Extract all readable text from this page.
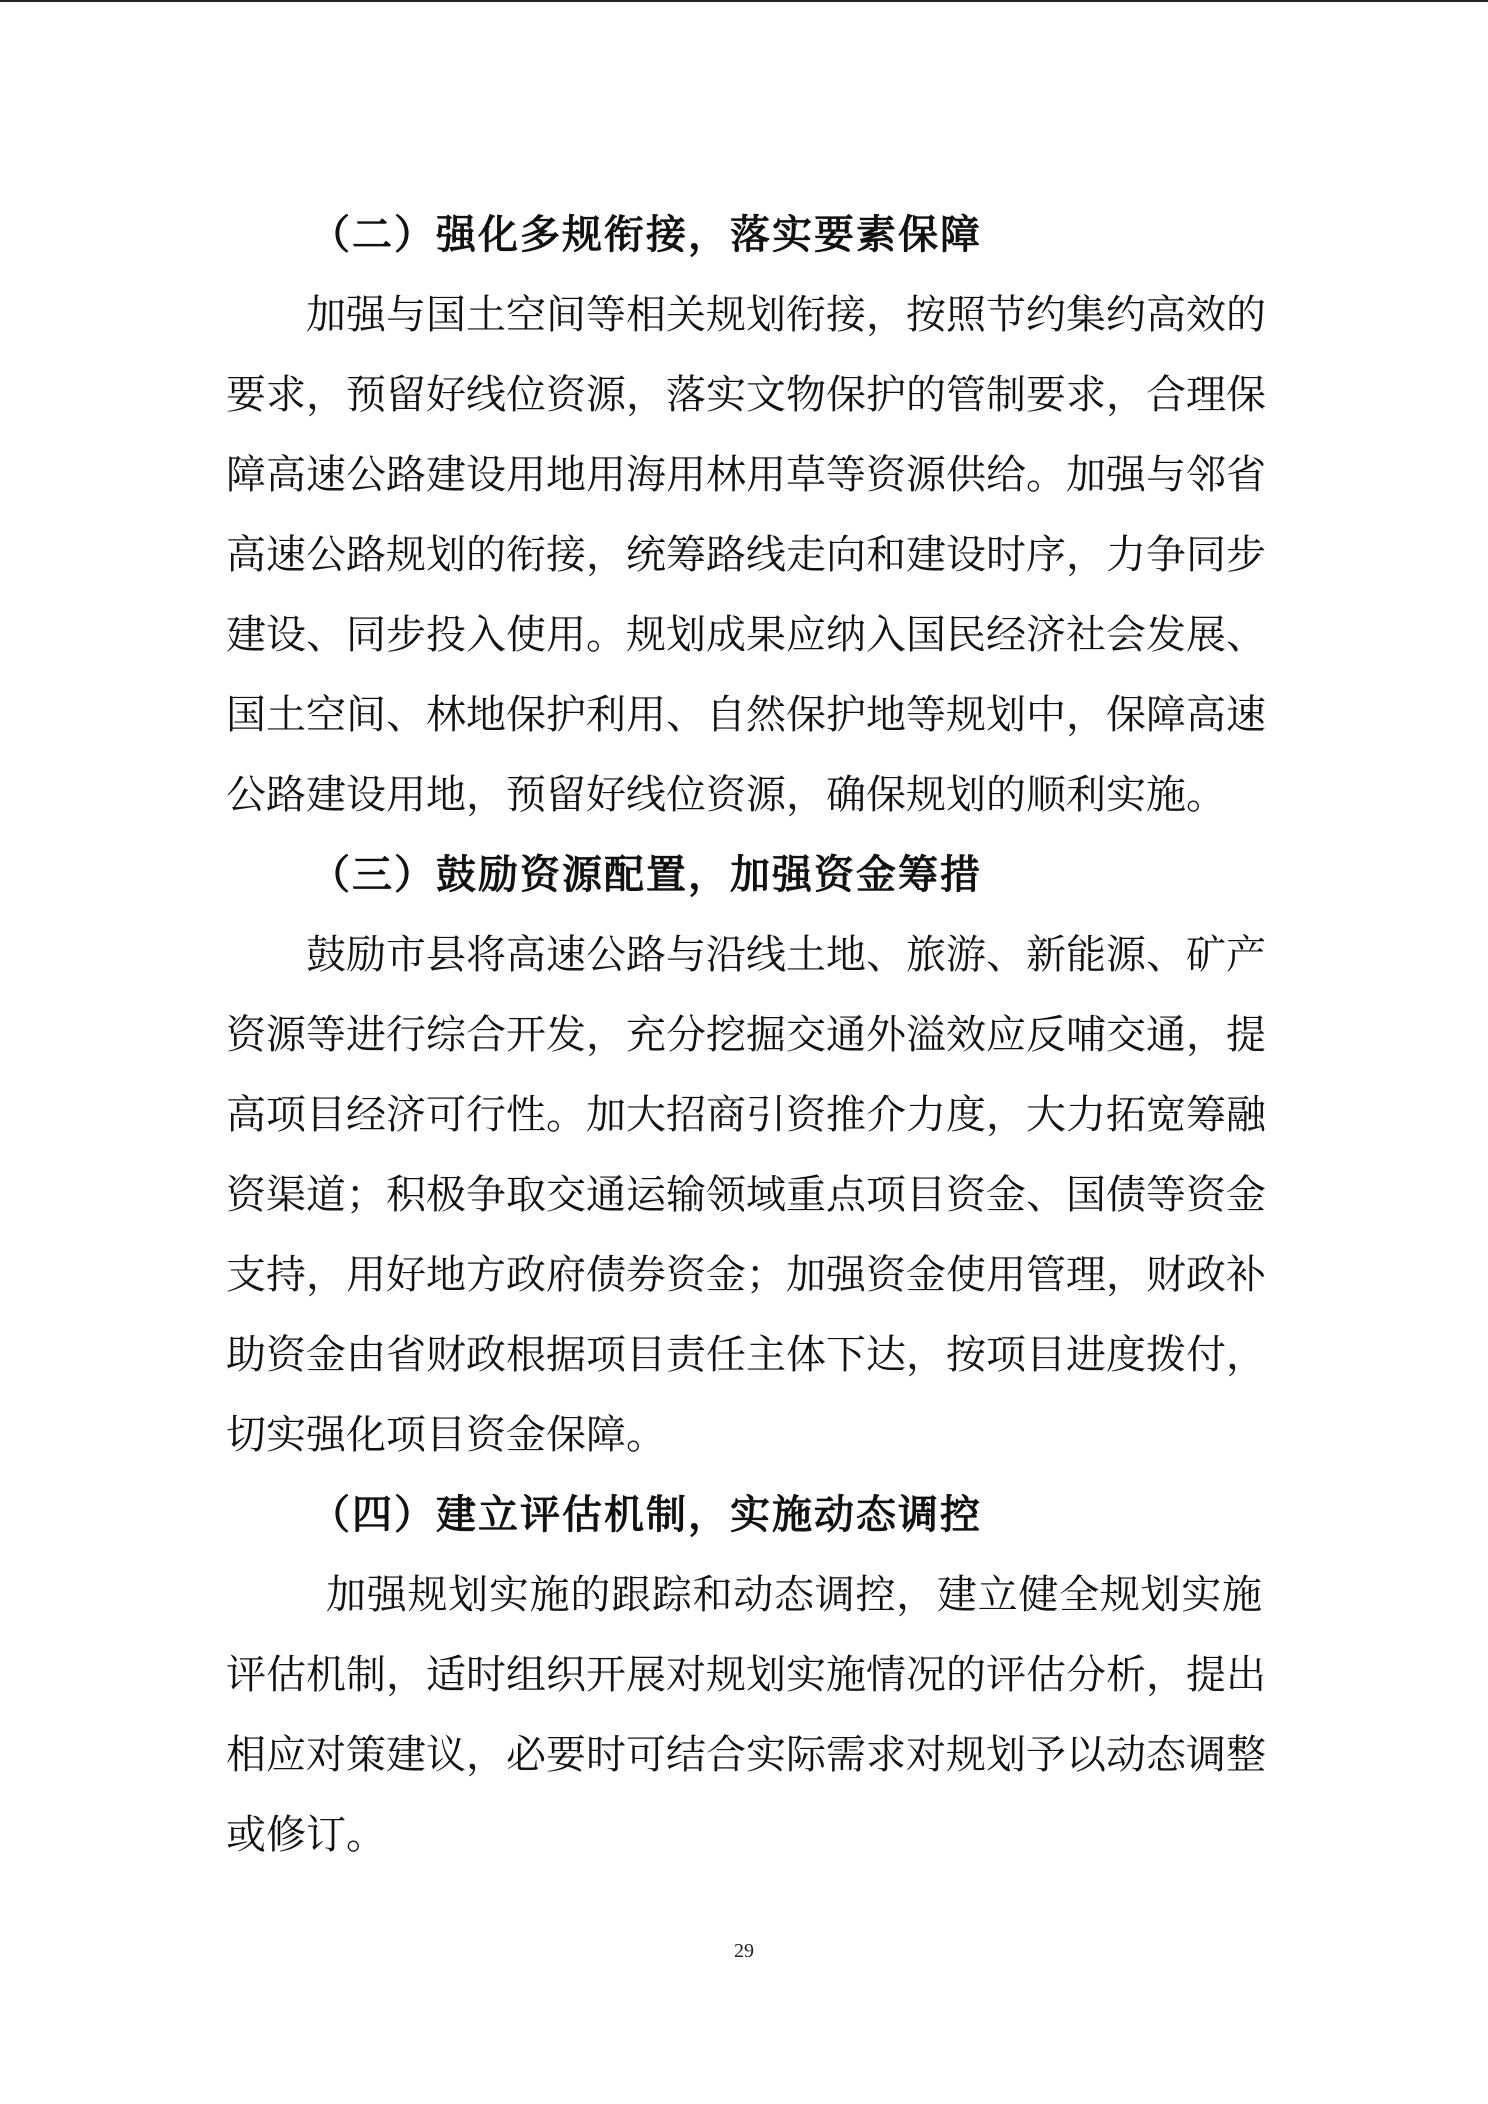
（二）强化多规衔接，落实要素保障
加强与国土空间等相关规划衔接，按照节约集约高效的
要求，预留好线位资源，落实文物保护的管制要求，合理保
障高速公路建设用地用海用林用草等资源供给。加强与邻省
高速公路规划的衔接，统筹路线走向和建设时序，力争同步
建设、同步投入使用。规划成果应纳入国民经济社会发展、
国土空间、林地保护利用、自然保护地等规划中，保障高速
公路建设用地，预留好线位资源，确保规划的顺利实施。
（三）鼓励资源配置，加强资金筹措
鼓励市县将高速公路与沿线土地、旅游、新能源、矿产
资源等进行综合开发，充分挖掘交通外溢效应反哺交通，提
高项目经济可行性。加大招商引资推介力度，大力拓宽筹融
资渠道；积极争取交通运输领域重点项目资金、国债等资金
支持，用好地方政府债券资金；加强资金使用管理，财政补
助资金由省财政根据项目责任主体下达，按项目进度拨付，
切实强化项目资金保障。
（四）建立评估机制，实施动态调控
加强规划实施的跟踪和动态调控，建立健全规划实施
评估机制，适时组织开展对规划实施情况的评估分析，提出
相应对策建议，必要时可结合实际需求对规划予以动态调整
或修订。
29
